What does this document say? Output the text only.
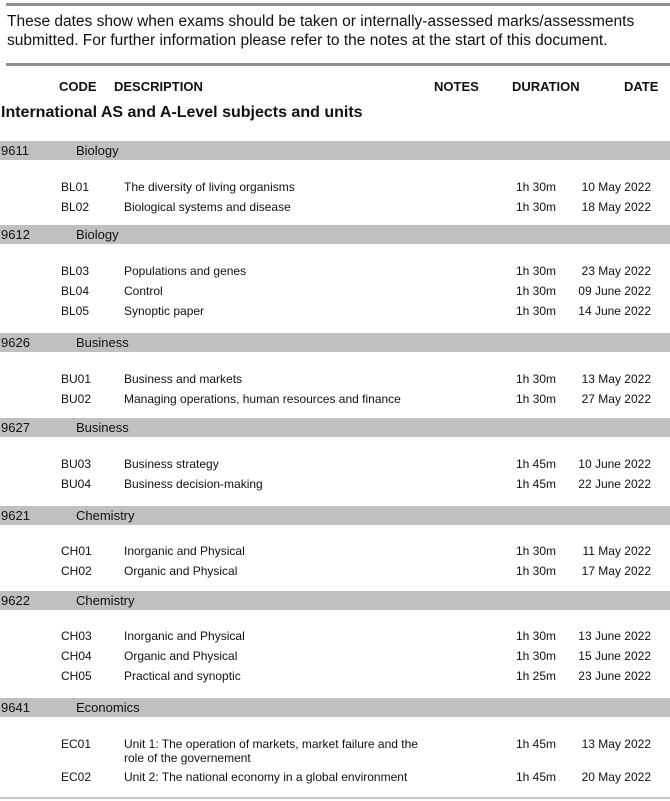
These dates show when exams should be taken or internally-assessed marks/assessments submitted. For further information please refer to the notes at the start of this document.
CODE DESCRIPTION	NOTES	DURATION	DATE
International AS and A-Level subjects and units
9611	Biology
BL01	The diversity of living organisms	1h 30m 10 May 2022
BL02	Biological systems and disease	1h 30m 18 May 2022
9612	Biology
BL03	Populations and genes	1h 30m 23 May 2022
BL04	Control	1h 30m 09 June 2022
BL05	Synoptic paper	1h 30m 14 June 2022
9626	Business
BU01	Business and markets	1h 30m 13 May 2022
BU02	Managing operations, human resources and finance	1h 30m 27 May 2022
9627	Business
BU03	Business strategy	1h 45m 10 June 2022
BU04	Business decision-making	1h 45m 22 June 2022
9621	Chemistry
CH01	Inorganic and Physical	1h 30m 11 May 2022
CH02	Organic and Physical	1h 30m 17 May 2022
9622	Chemistry
CH03	Inorganic and Physical	1h 30m 13 June 2022
CH04	Organic and Physical	1h 30m 15 June 2022
CH05	Practical and synoptic	1h 25m 23 June 2022
9641	Economics
EC01	Unit 1: The operation of markets, market failure and the role of the governement
1h 45m 13 May 2022
EC02	Unit 2: The national economy in a global environment	1h 45m 20 May 2022
